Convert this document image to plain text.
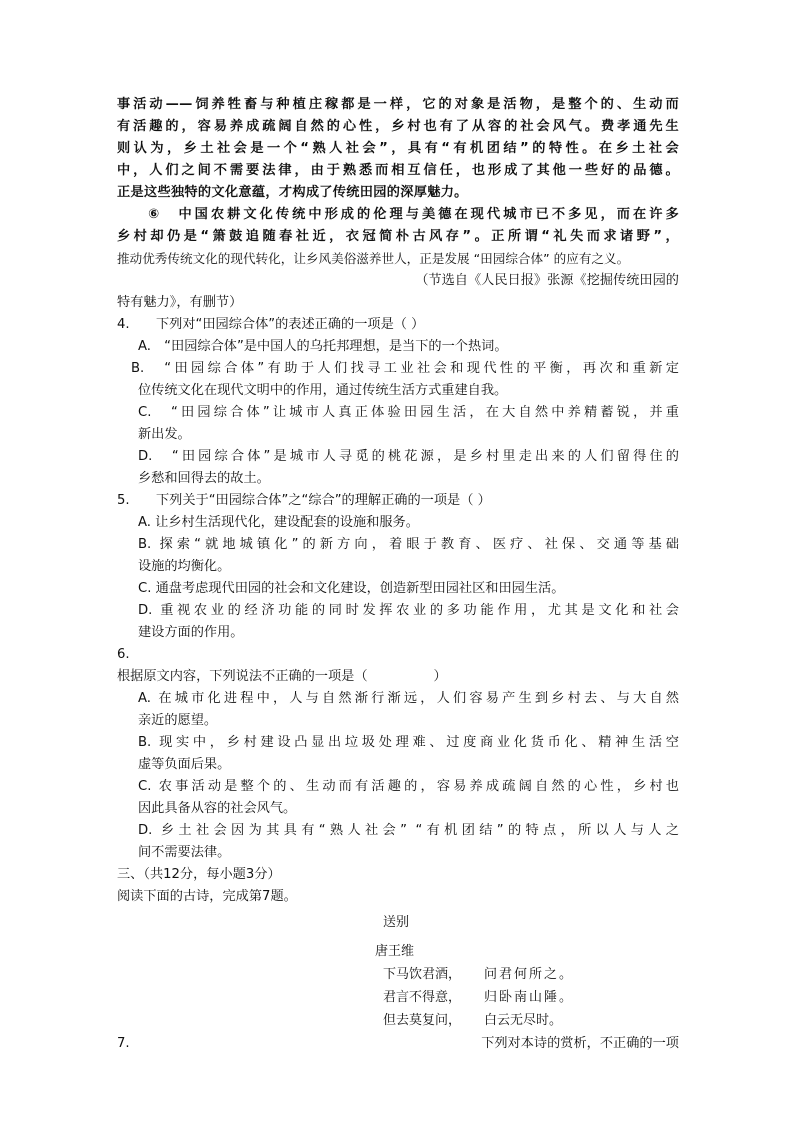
事活动——饲养牲畜与种植庄稼都是一样，它的对象是活物，是整个的、生动而
有活趣的，容易养成疏阔自然的心性，乡村也有了从容的社会风气。费孝通先生
则认为，乡土社会是一个“熟人社会”，具有“有机团结”的特性。在乡土社会
中，人们之间不需要法律，由于熟悉而相互信任，也形成了其他一些好的品德。
正是这些独特的文化意蕴，才构成了传统田园的深厚魅力。
⑥　中国农耕文化传统中形成的伦理与美德在现代城市已不多见，而在许多
乡村却仍是“箫鼓追随春社近，衣冠简朴古风存”。正所谓“礼失而求诸野”，
推动优秀传统文化的现代转化，让乡风美俗滋养世人，正是发展 “田园综合体” 的应有之义。
（节选自《人民日报》张源《挖掘传统田园的
特有魅力》，有删节）
4.　　下列对“田园综合体”的表述正确的一项是（ ）
A.　“田园综合体”是中国人的乌托邦理想，是当下的一个热词。
B.　“田园综合体”有助于人们找寻工业社会和现代性的平衡，再次和重新定
位传统文化在现代文明中的作用，通过传统生活方式重建自我。
C.　“田园综合体”让城市人真正体验田园生活，在大自然中养精蓄锐，并重
新出发。
D.　“田园综合体”是城市人寻觅的桃花源，是乡村里走出来的人们留得住的
乡愁和回得去的故土。
5.　　下列关于“田园综合体”之“综合”的理解正确的一项是（ ）
A. 让乡村生活现代化，建设配套的设施和服务。
B. 探索“就地城镇化”的新方向，着眼于教育、医疗、社保、交通等基础
设施的均衡化。
C. 通盘考虑现代田园的社会和文化建设，创造新型田园社区和田园生活。
D. 重视农业的经济功能的同时发挥农业的多功能作用，尤其是文化和社会
建设方面的作用。
6.
根据原文内容，下列说法不正确的一项是（　　　　　）
A. 在城市化进程中，人与自然渐行渐远，人们容易产生到乡村去、与大自然
亲近的愿望。
B. 现实中，乡村建设凸显出垃圾处理难、过度商业化货币化、精神生活空
虚等负面后果。
C. 农事活动是整个的、生动而有活趣的，容易养成疏阔自然的心性，乡村也
因此具备从容的社会风气。
D. 乡土社会因为其具有“熟人社会” “有机团结”的特点，所以人与人之
间不需要法律。
三、（共12分，每小题3分）
阅读下面的古诗，完成第7题。
送别
唐王维
下马饮君酒， 问君何所之。
君言不得意， 归卧南山陲。
但去莫复问， 白云无尽时。
7.	下列对本诗的赏析，不正确的一项
